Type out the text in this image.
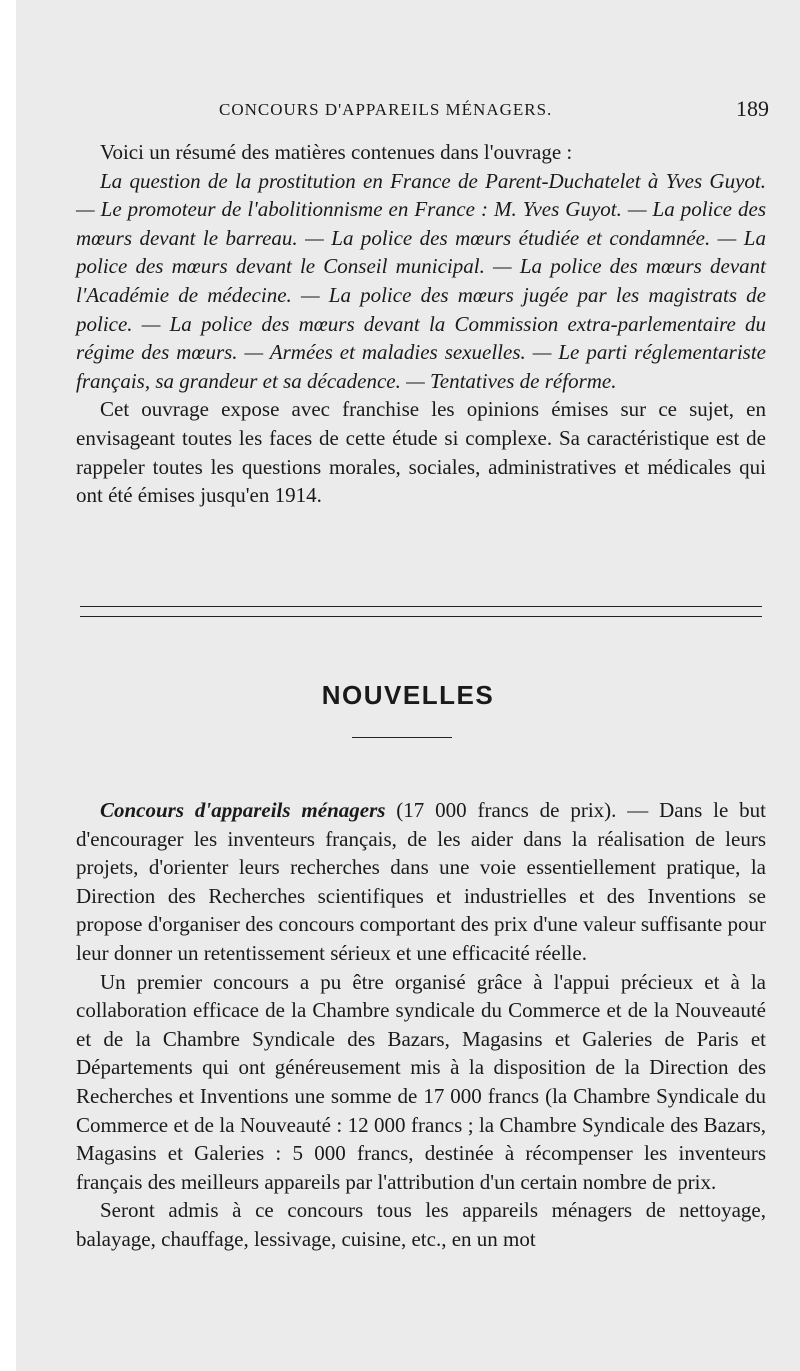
CONCOURS D'APPAREILS MÉNAGERS.	189

Voici un résumé des matières contenues dans l'ouvrage :

La question de la prostitution en France de Parent-Duchatelet à Yves Guyot. — Le promoteur de l'abolitionnisme en France : M. Yves Guyot. — La police des mœurs devant le barreau. — La police des mœurs étudiée et condamnée. — La police des mœurs devant le Conseil municipal. — La police des mœurs devant l'Académie de médecine. — La police des mœurs jugée par les magistrats de police. — La police des mœurs devant la Commission extra-parlementaire du régime des mœurs. — Armées et maladies sexuelles. — Le parti réglementariste français, sa grandeur et sa décadence. — Tentatives de réforme.

Cet ouvrage expose avec franchise les opinions émises sur ce sujet, en envisageant toutes les faces de cette étude si complexe. Sa caractéristique est de rappeler toutes les questions morales, sociales, administratives et médicales qui ont été émises jusqu'en 1914.

NOUVELLES

Concours d'appareils ménagers (17 000 francs de prix). — Dans le but d'encourager les inventeurs français, de les aider dans la réalisation de leurs projets, d'orienter leurs recherches dans une voie essentiellement pratique, la Direction des Recherches scientifiques et industrielles et des Inventions se propose d'organiser des concours comportant des prix d'une valeur suffisante pour leur donner un retentissement sérieux et une efficacité réelle.

Un premier concours a pu être organisé grâce à l'appui précieux et à la collaboration efficace de la Chambre syndicale du Commerce et de la Nouveauté et de la Chambre Syndicale des Bazars, Magasins et Galeries de Paris et Départements qui ont généreusement mis à la disposition de la Direction des Recherches et Inventions une somme de 17 000 francs (la Chambre Syndicale du Commerce et de la Nouveauté : 12 000 francs ; la Chambre Syndicale des Bazars, Magasins et Galeries : 5 000 francs, destinée à récompenser les inventeurs français des meilleurs appareils par l'attribution d'un certain nombre de prix.

Seront admis à ce concours tous les appareils ménagers de nettoyage, balayage, chauffage, lessivage, cuisine, etc., en un mot
